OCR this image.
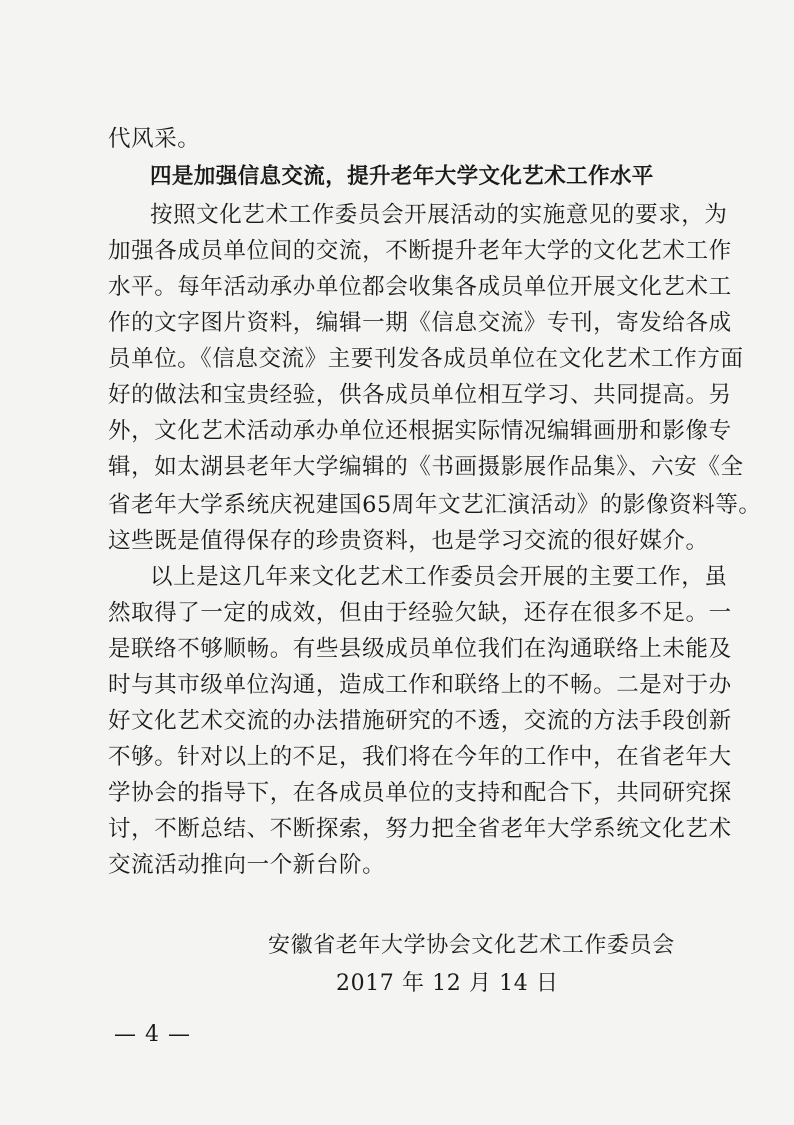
代风采。
四是加强信息交流，提升老年大学文化艺术工作水平
按照文化艺术工作委员会开展活动的实施意见的要求，为
加强各成员单位间的交流，不断提升老年大学的文化艺术工作
水平。每年活动承办单位都会收集各成员单位开展文化艺术工
作的文字图片资料，编辑一期《信息交流》专刊，寄发给各成
员单位。《信息交流》主要刊发各成员单位在文化艺术工作方面
好的做法和宝贵经验，供各成员单位相互学习、共同提高。另
外，文化艺术活动承办单位还根据实际情况编辑画册和影像专
辑，如太湖县老年大学编辑的《书画摄影展作品集》、六安《全
省老年大学系统庆祝建国65周年文艺汇演活动》的影像资料等。
这些既是值得保存的珍贵资料，也是学习交流的很好媒介。
以上是这几年来文化艺术工作委员会开展的主要工作，虽
然取得了一定的成效，但由于经验欠缺，还存在很多不足。一
是联络不够顺畅。有些县级成员单位我们在沟通联络上未能及
时与其市级单位沟通，造成工作和联络上的不畅。二是对于办
好文化艺术交流的办法措施研究的不透，交流的方法手段创新
不够。针对以上的不足，我们将在今年的工作中，在省老年大
学协会的指导下，在各成员单位的支持和配合下，共同研究探
讨，不断总结、不断探索，努力把全省老年大学系统文化艺术
交流活动推向一个新台阶。
安徽省老年大学协会文化艺术工作委员会
2017 年 12 月 14 日
— 4 —
